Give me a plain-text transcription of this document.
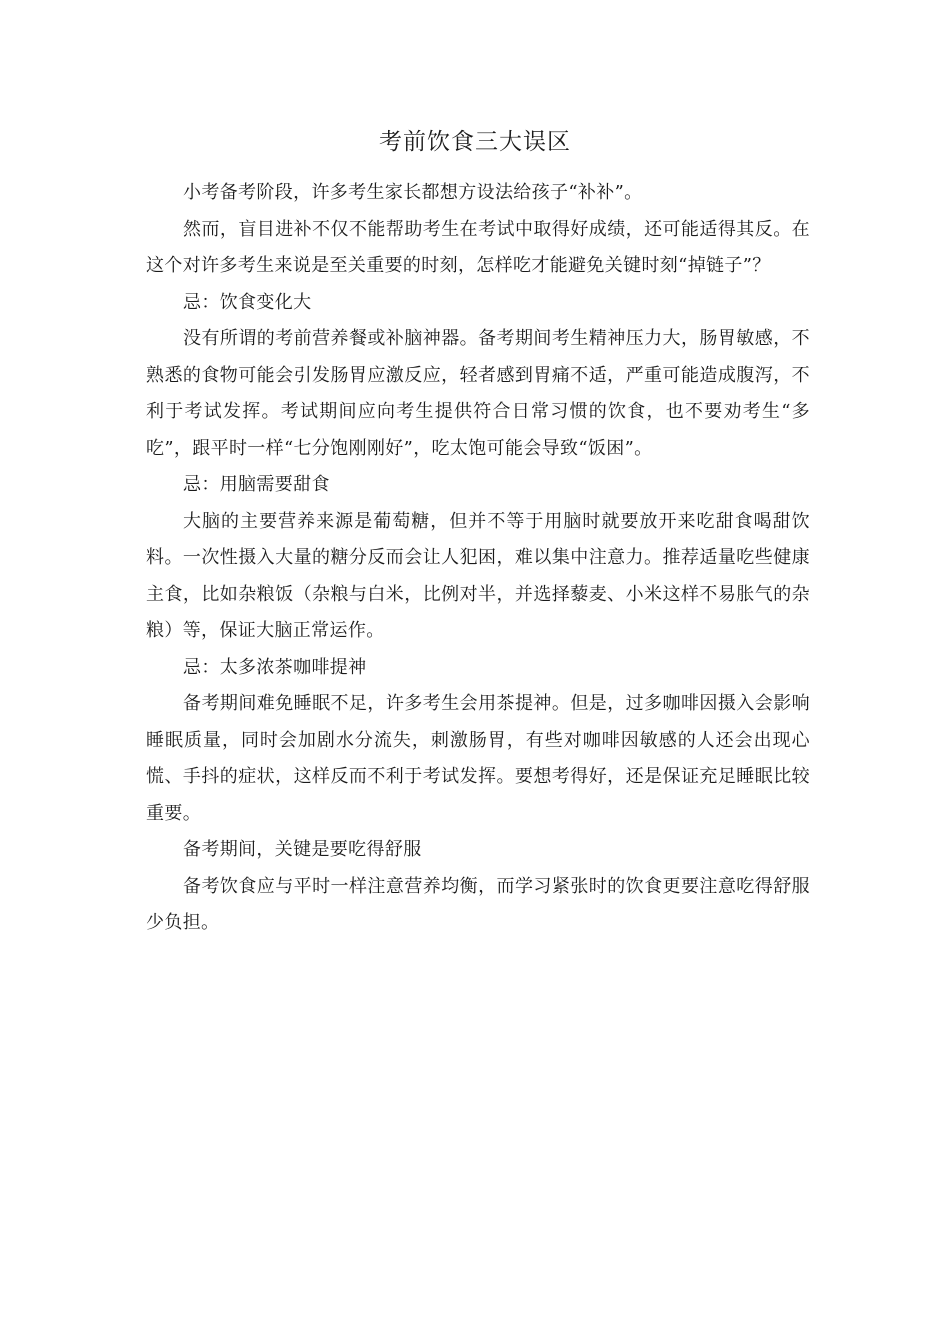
考前饮食三大误区

小考备考阶段，许多考生家长都想方设法给孩子“补补”。

然而，盲目进补不仅不能帮助考生在考试中取得好成绩，还可能适得其反。在这个对许多考生来说是至关重要的时刻，怎样吃才能避免关键时刻“掉链子”？

忌：饮食变化大

没有所谓的考前营养餐或补脑神器。备考期间考生精神压力大，肠胃敏感，不熟悉的食物可能会引发肠胃应激反应，轻者感到胃痛不适，严重可能造成腹泻，不利于考试发挥。考试期间应向考生提供符合日常习惯的饮食，也不要劝考生“多吃”，跟平时一样“七分饱刚刚好”，吃太饱可能会导致“饭困”。

忌：用脑需要甜食

大脑的主要营养来源是葡萄糖，但并不等于用脑时就要放开来吃甜食喝甜饮料。一次性摄入大量的糖分反而会让人犯困，难以集中注意力。推荐适量吃些健康主食，比如杂粮饭（杂粮与白米，比例对半，并选择藜麦、小米这样不易胀气的杂粮）等，保证大脑正常运作。

忌：太多浓茶咖啡提神

备考期间难免睡眠不足，许多考生会用茶提神。但是，过多咖啡因摄入会影响睡眠质量，同时会加剧水分流失，刺激肠胃，有些对咖啡因敏感的人还会出现心慌、手抖的症状，这样反而不利于考试发挥。要想考得好，还是保证充足睡眠比较重要。

备考期间，关键是要吃得舒服

备考饮食应与平时一样注意营养均衡，而学习紧张时的饮食更要注意吃得舒服少负担。
